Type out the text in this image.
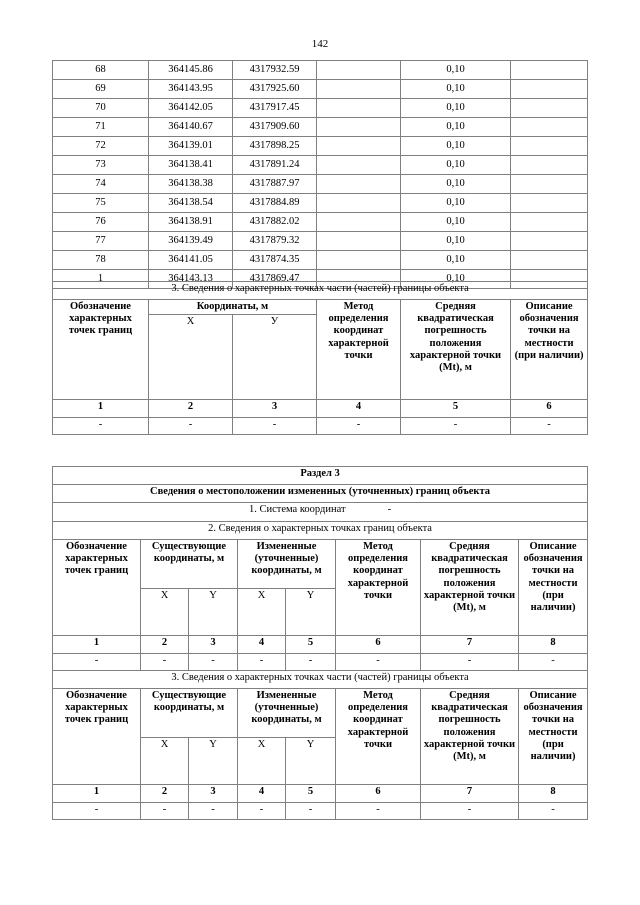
142
68	364145.86	4317932.59		0,10	
69	364143.95	4317925.60		0,10	
70	364142.05	4317917.45		0,10	
71	364140.67	4317909.60		0,10	
72	364139.01	4317898.25		0,10	
73	364138.41	4317891.24		0,10	
74	364138.38	4317887.97		0,10	
75	364138.54	4317884.89		0,10	
76	364138.91	4317882.02		0,10	
77	364139.49	4317879.32		0,10	
78	364141.05	4317874.35		0,10	
1	364143.13	4317869.47		0,10	
3. Сведения о характерных точках части (частей) границы объекта					
Обозначение характерных точек границ	Координаты, м		Метод определения координат характерной точки	Средняя квадратическая погрешность положения характерной точки (Мt), м	Описание обозначения точки на местности (при наличии)
	X	У			
1	2	3	4	5	6
-	-	-	-	-	-
Раздел 3							
Сведения о местоположении измененных (уточненных) границ объекта							
1. Система координат -							
2. Сведения о характерных точках границ объекта							
Обозначение характерных точек границ	Существующие координаты, м		Измененные (уточненные) координаты, м		Метод определения координат характерной точки	Средняя квадратическая погрешность положения характерной точки (Мt), м	Описание обозначения точки на местности (при наличии)
	X	Y	X	Y			
1	2	3	4	5	6	7	8
-	-	-	-	-	-	-	-
3. Сведения о характерных точках части (частей) границы объекта							
Обозначение характерных точек границ	Существующие координаты, м		Измененные (уточненные) координаты, м		Метод определения координат характерной точки	Средняя квадратическая погрешность положения характерной точки (Мt), м	Описание обозначения точки на местности (при наличии)
	X	Y	X	Y			
1	2	3	4	5	6	7	8
-	-	-	-	-	-	-	-
